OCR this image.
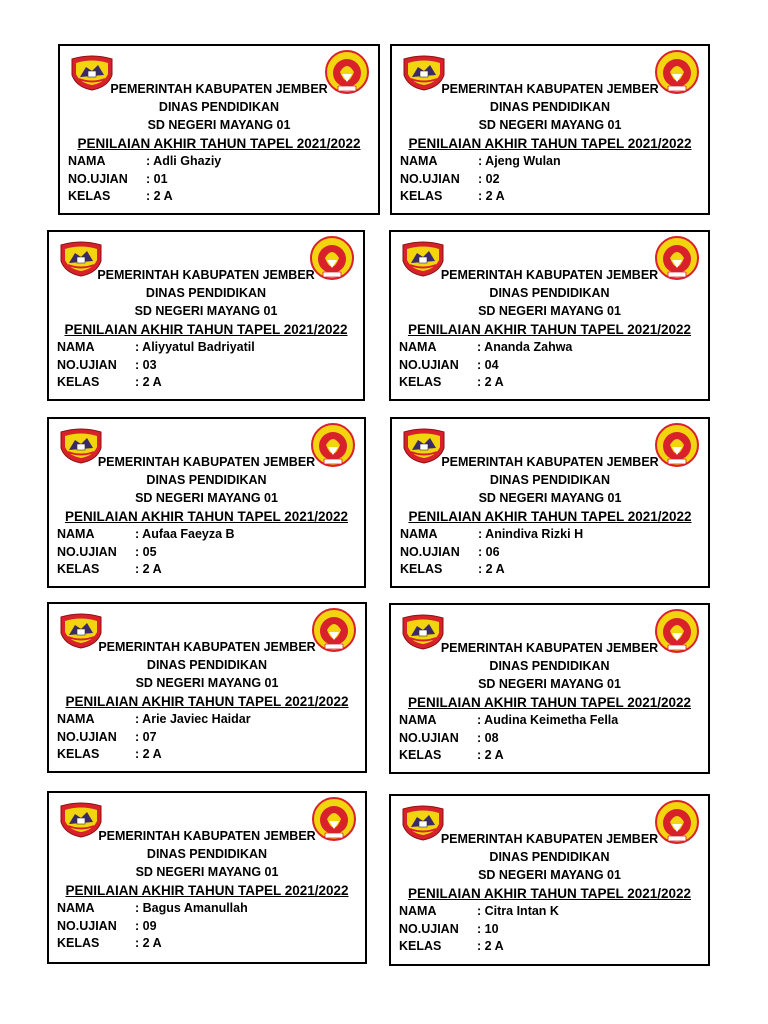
PEMERINTAH KABUPATEN JEMBER
DINAS PENDIDIKAN
SD NEGERI MAYANG 01
PENILAIAN AKHIR TAHUN TAPEL 2021/2022
NAMA	: Adli Ghaziy
NO.UJIAN	: 01
KELAS	: 2 A
PEMERINTAH KABUPATEN JEMBER
DINAS PENDIDIKAN
SD NEGERI MAYANG 01
PENILAIAN AKHIR TAHUN TAPEL 2021/2022
NAMA	: Ajeng Wulan
NO.UJIAN	: 02
KELAS	: 2 A
PEMERINTAH KABUPATEN JEMBER
DINAS PENDIDIKAN
SD NEGERI MAYANG 01
PENILAIAN AKHIR TAHUN TAPEL 2021/2022
NAMA	: Aliyyatul Badriyatil
NO.UJIAN	: 03
KELAS	: 2 A
PEMERINTAH KABUPATEN JEMBER
DINAS PENDIDIKAN
SD NEGERI MAYANG 01
PENILAIAN AKHIR TAHUN TAPEL 2021/2022
NAMA	: Ananda Zahwa
NO.UJIAN	: 04
KELAS	: 2 A
PEMERINTAH KABUPATEN JEMBER
DINAS PENDIDIKAN
SD NEGERI MAYANG 01
PENILAIAN AKHIR TAHUN TAPEL 2021/2022
NAMA	: Aufaa Faeyza B
NO.UJIAN	: 05
KELAS	: 2 A
PEMERINTAH KABUPATEN JEMBER
DINAS PENDIDIKAN
SD NEGERI MAYANG 01
PENILAIAN AKHIR TAHUN TAPEL 2021/2022
NAMA	: Anindiva Rizki H
NO.UJIAN	: 06
KELAS	: 2 A
PEMERINTAH KABUPATEN JEMBER
DINAS PENDIDIKAN
SD NEGERI MAYANG 01
PENILAIAN AKHIR TAHUN TAPEL 2021/2022
NAMA	: Arie Javiec Haidar
NO.UJIAN	: 07
KELAS	: 2 A
PEMERINTAH KABUPATEN JEMBER
DINAS PENDIDIKAN
SD NEGERI MAYANG 01
PENILAIAN AKHIR TAHUN TAPEL 2021/2022
NAMA	: Audina Keimetha Fella
NO.UJIAN	: 08
KELAS	: 2 A
PEMERINTAH KABUPATEN JEMBER
DINAS PENDIDIKAN
SD NEGERI MAYANG 01
PENILAIAN AKHIR TAHUN TAPEL 2021/2022
NAMA	: Bagus Amanullah
NO.UJIAN	: 09
KELAS	: 2 A
PEMERINTAH KABUPATEN JEMBER
DINAS PENDIDIKAN
SD NEGERI MAYANG 01
PENILAIAN AKHIR TAHUN TAPEL 2021/2022
NAMA	: Citra Intan K
NO.UJIAN	: 10
KELAS	: 2 A
